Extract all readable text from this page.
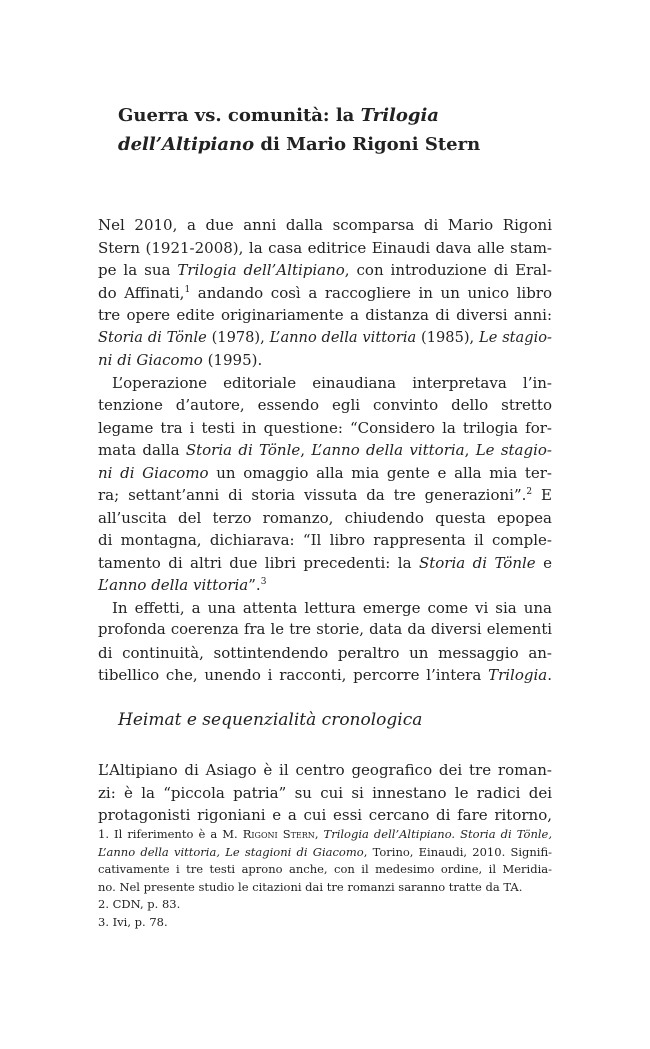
Guerra vs. comunità: la Trilogia
dell’Altipiano di Mario Rigoni Stern
Nel 2010, a due anni dalla scomparsa di Mario Rigoni
Stern (1921-2008), la casa editrice Einaudi dava alle stam-
pe la sua Trilogia dell’Altipiano, con introduzione di Eral-
do Affinati,$^1$ andando così a raccogliere in un unico libro
tre opere edite originariamente a distanza di diversi anni:
Storia di Tönle (1978), L’anno della vittoria (1985), Le stagio-
ni di Giacomo (1995).
L’operazione editoriale einaudiana interpretava l’in-
tenzione d’autore, essendo egli convinto dello stretto
legame tra i testi in questione: “Considero la trilogia for-
mata dalla Storia di Tönle, L’anno della vittoria, Le stagio-
ni di Giacomo un omaggio alla mia gente e alla mia ter-
ra; settant’anni di storia vissuta da tre generazioni”.$^2$ E
all’uscita del terzo romanzo, chiudendo questa epopea
di montagna, dichiarava: “Il libro rappresenta il comple-
tamento di altri due libri precedenti: la Storia di Tönle e
L’anno della vittoria”.$^3$
In effetti, a una attenta lettura emerge come vi sia una
profonda coerenza fra le tre storie, data da diversi elementi
di continuità, sottintendendo peraltro un messaggio an-
tibellico che, unendo i racconti, percorre l’intera Trilogia.
Heimat e sequenzialità cronologica
L’Altipiano di Asiago è il centro geografico dei tre roman-
zi: è la “piccola patria” su cui si innestano le radici dei
protagonisti rigoniani e a cui essi cercano di fare ritorno,
1. Il riferimento è a M. Rigoni Stern, Trilogia dell’Altipiano. Storia di Tönle,
L’anno della vittoria, Le stagioni di Giacomo, Torino, Einaudi, 2010. Signifi-
cativamente i tre testi aprono anche, con il medesimo ordine, il Meridia-
no. Nel presente studio le citazioni dai tre romanzi saranno tratte da TA.
2. CDN, p. 83.
3. Ivi, p. 78.
